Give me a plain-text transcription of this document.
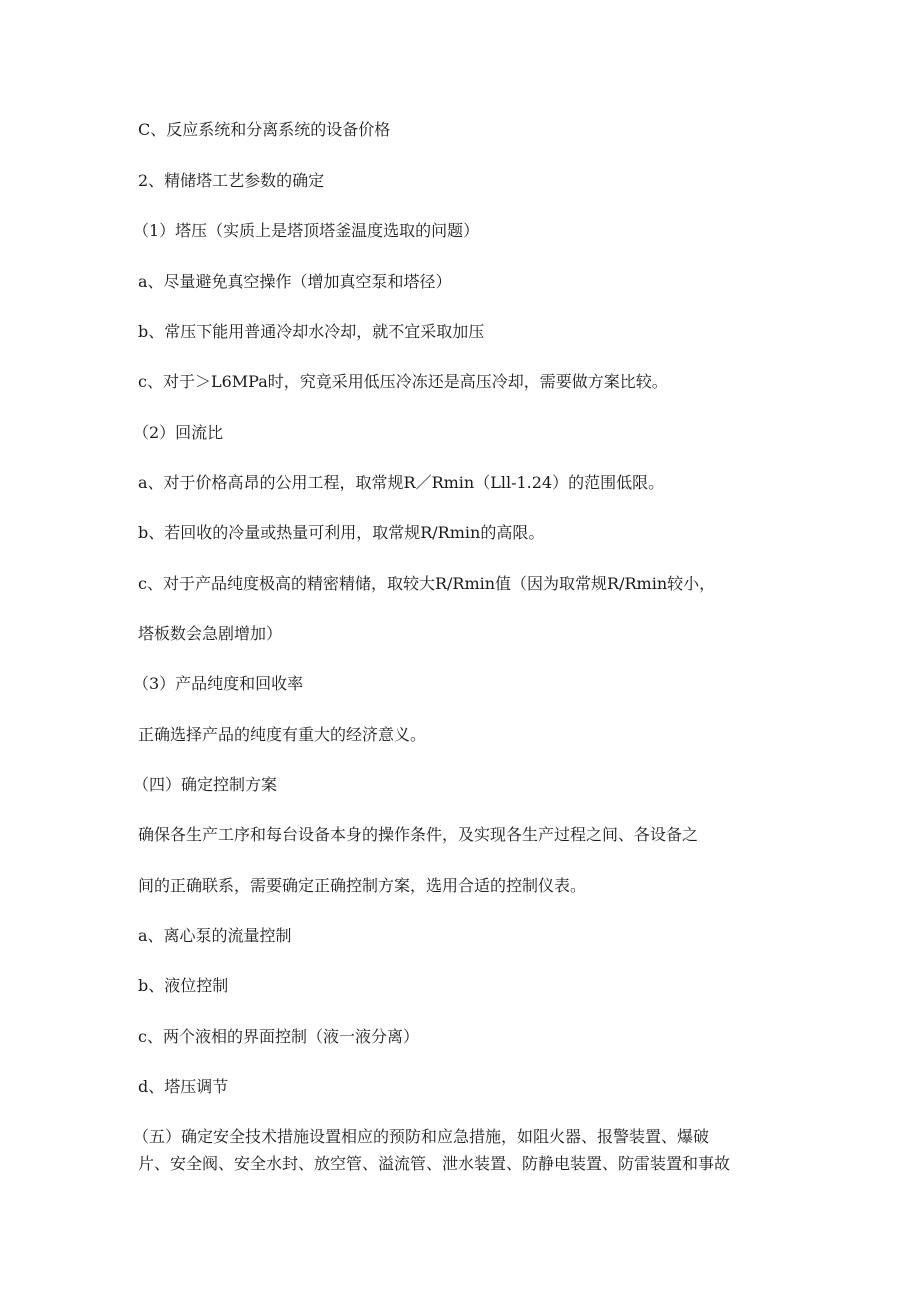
C、反应系统和分离系统的设备价格

2、精储塔工艺参数的确定

（1）塔压（实质上是塔顶塔釜温度选取的问题）

a、尽量避免真空操作（增加真空泵和塔径）

b、常压下能用普通冷却水冷却，就不宜采取加压

c、对于＞L6MPa时，究竟采用低压冷冻还是高压冷却，需要做方案比较。

（2）回流比

a、对于价格高昂的公用工程，取常规R／Rmin（Lll-1.24）的范围低限。

b、若回收的冷量或热量可利用，取常规R/Rmin的高限。

c、对于产品纯度极高的精密精储，取较大R/Rmin值（因为取常规R/Rmin较小，

塔板数会急剧增加）

（3）产品纯度和回收率

正确选择产品的纯度有重大的经济意义。

（四）确定控制方案

确保各生产工序和每台设备本身的操作条件，及实现各生产过程之间、各设备之

间的正确联系，需要确定正确控制方案，选用合适的控制仪表。

a、离心泵的流量控制

b、液位控制

c、两个液相的界面控制（液一液分离）

d、塔压调节

（五）确定安全技术措施设置相应的预防和应急措施，如阻火器、报警装置、爆破

片、安全阀、安全水封、放空管、溢流管、泄水装置、防静电装置、防雷装置和事故
